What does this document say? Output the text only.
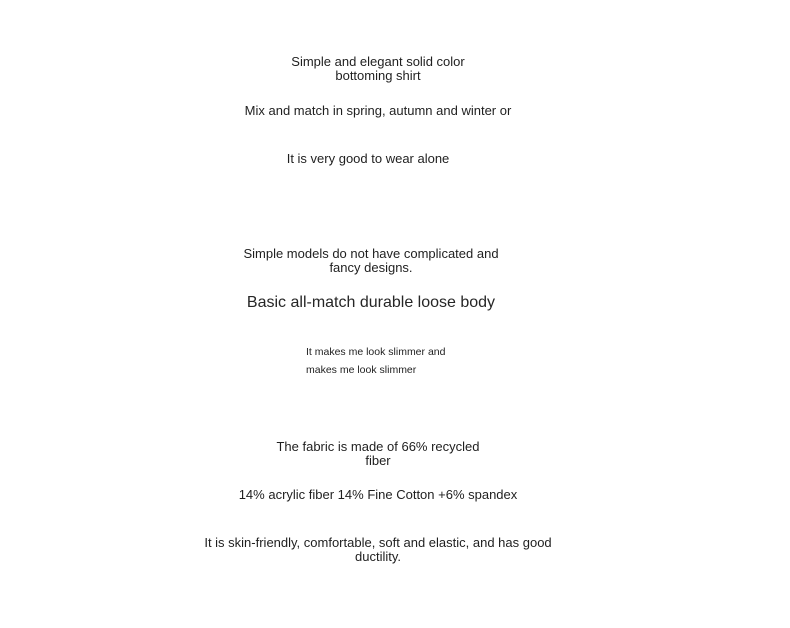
Simple and elegant solid color
bottoming shirt
Mix and match in spring, autumn and winter or
It is very good to wear alone
Simple models do not have complicated and
fancy designs.
Basic all-match durable loose body
It makes me look slimmer and
makes me look slimmer
The fabric is made of 66% recycled
fiber
14% acrylic fiber 14% Fine Cotton +6% spandex
It is skin-friendly, comfortable, soft and elastic, and has good
ductility.
